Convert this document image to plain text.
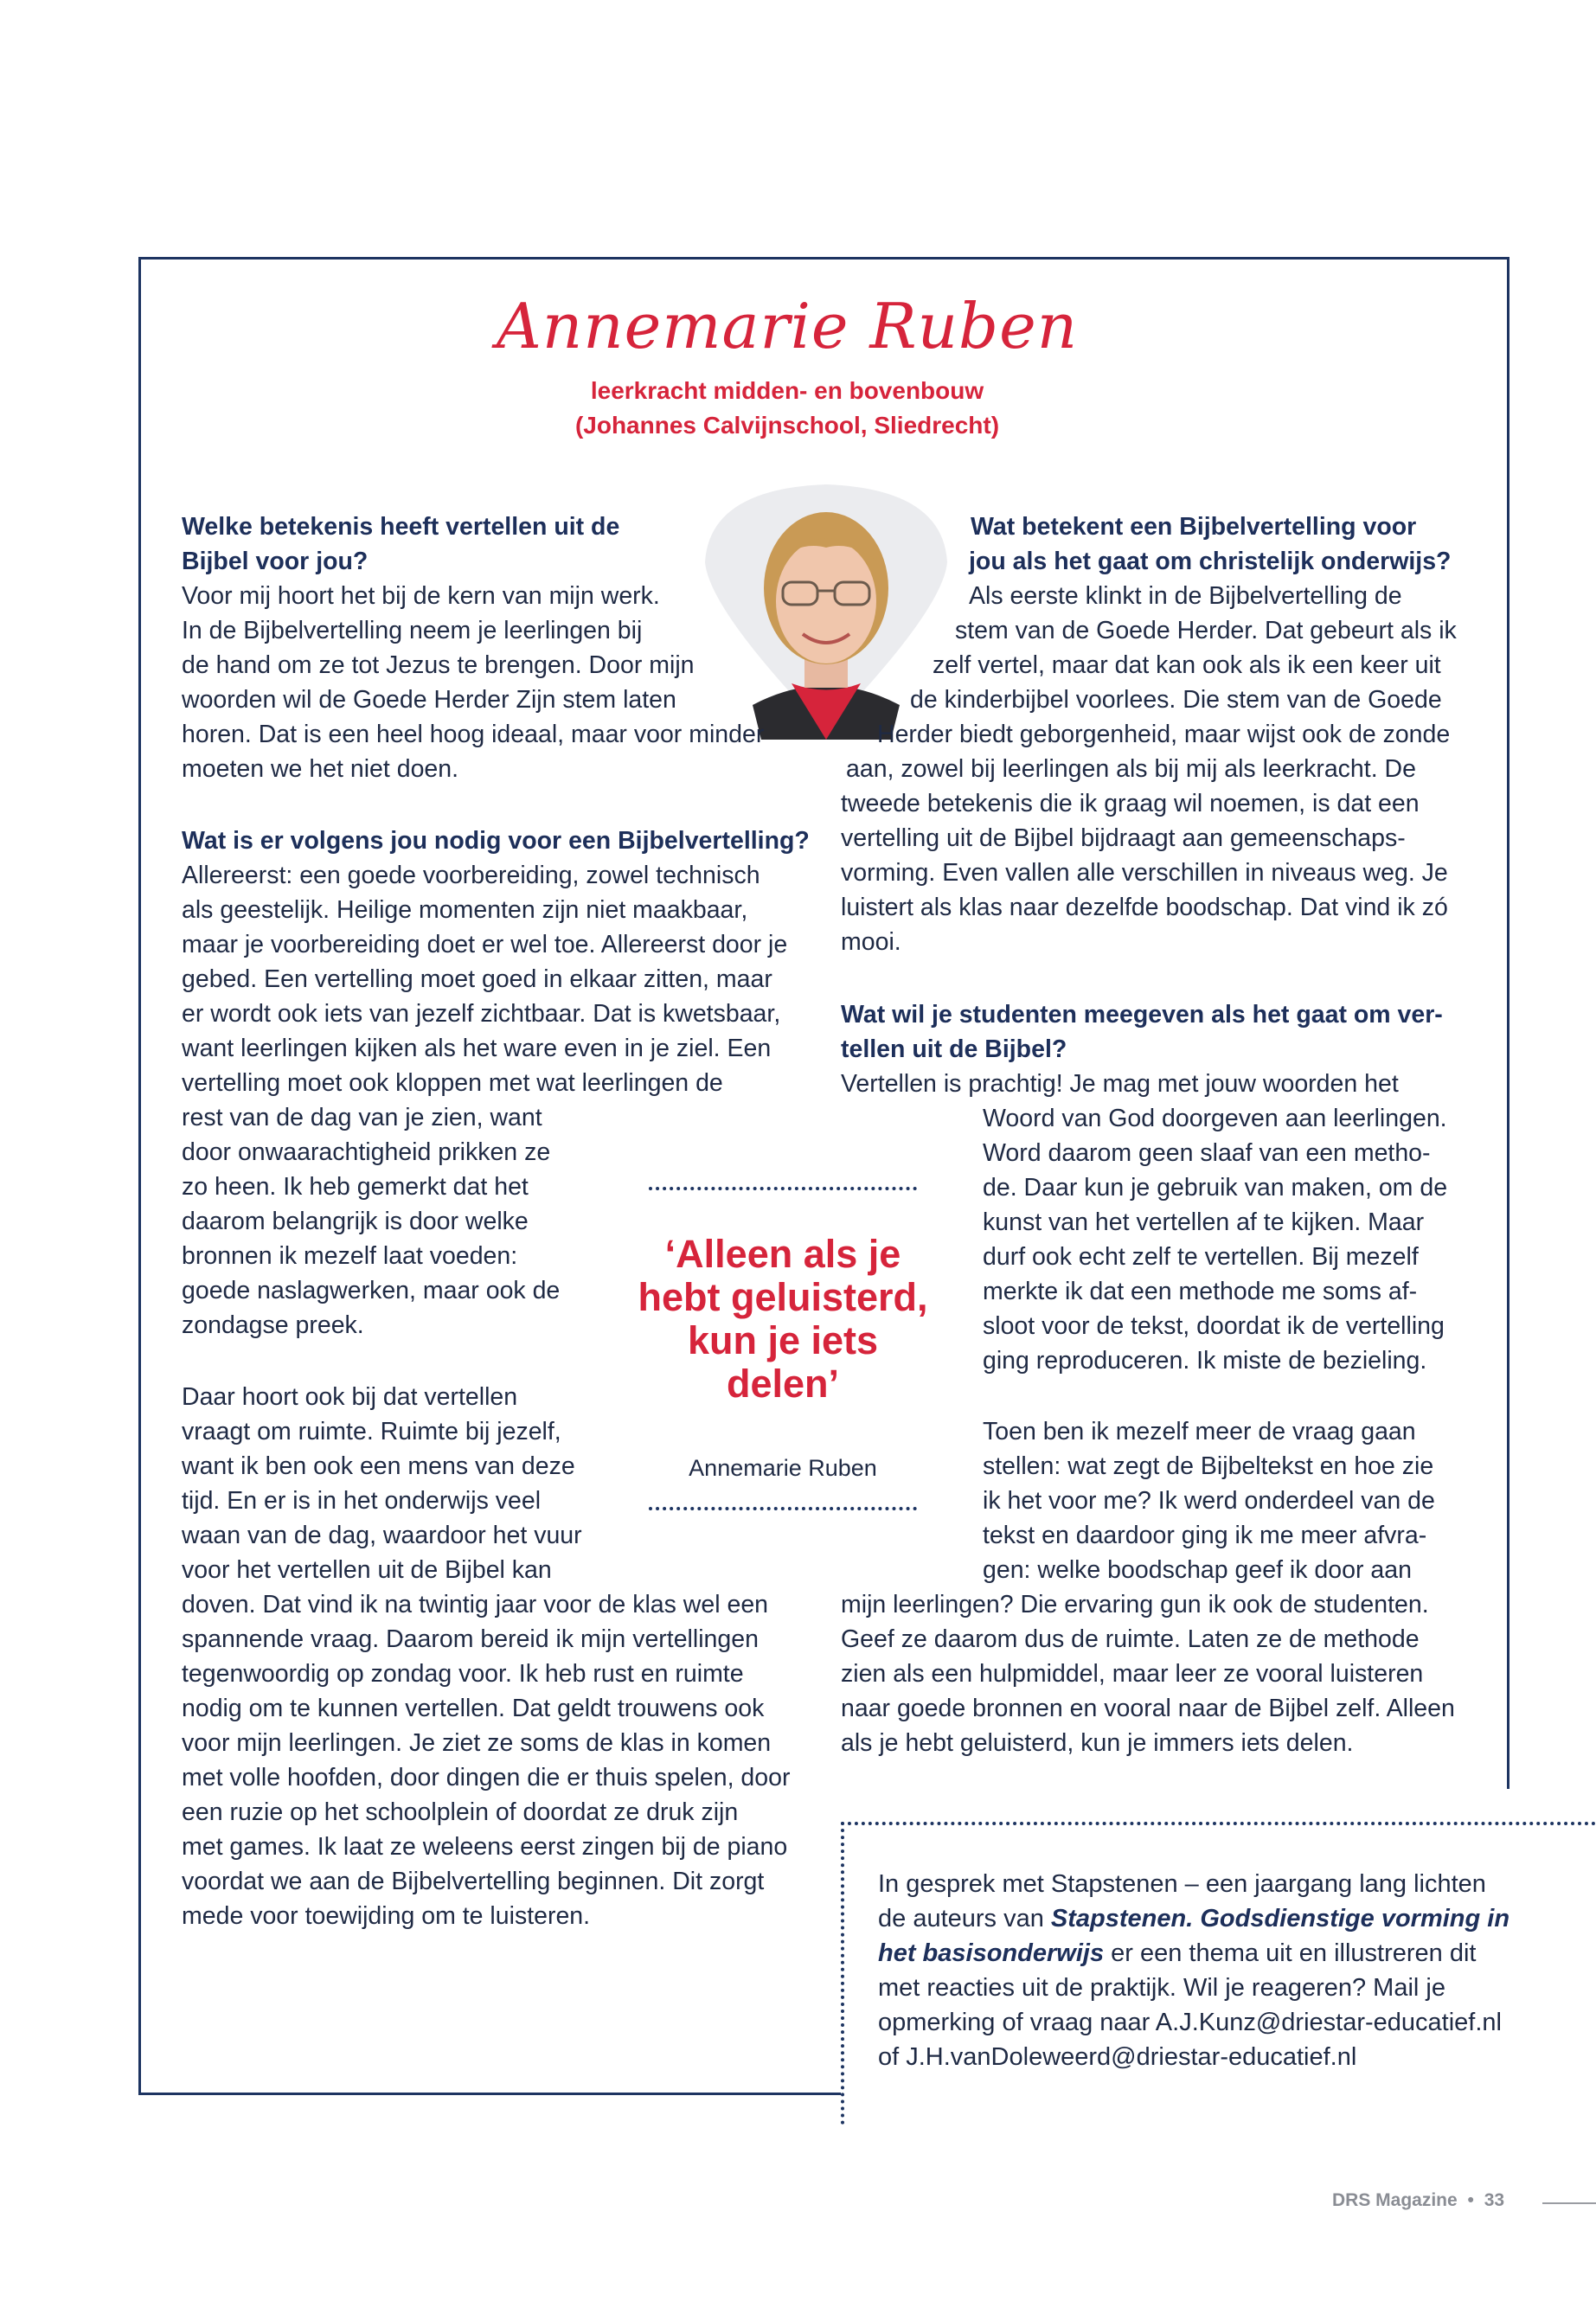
Annemarie Ruben
leerkracht midden- en bovenbouw
(Johannes Calvijnschool, Sliedrecht)
Welke betekenis heeft vertellen uit de
Bijbel voor jou?
Voor mij hoort het bij de kern van mijn werk.
In de Bijbelvertelling neem je leerlingen bij
de hand om ze tot Jezus te brengen. Door mijn
woorden wil de Goede Herder Zijn stem laten
horen. Dat is een heel hoog ideaal, maar voor minder
moeten we het niet doen.
Wat is er volgens jou nodig voor een Bijbelvertelling?
Allereerst: een goede voorbereiding, zowel technisch
als geestelijk. Heilige momenten zijn niet maakbaar,
maar je voorbereiding doet er wel toe. Allereerst door je
gebed. Een vertelling moet goed in elkaar zitten, maar
er wordt ook iets van jezelf zichtbaar. Dat is kwetsbaar,
want leerlingen kijken als het ware even in je ziel. Een
vertelling moet ook kloppen met wat leerlingen de
rest van de dag van je zien, want
door onwaarachtigheid prikken ze
zo heen. Ik heb gemerkt dat het
daarom belangrijk is door welke
bronnen ik mezelf laat voeden:
goede naslagwerken, maar ook de
zondagse preek.
Daar hoort ook bij dat vertellen
vraagt om ruimte. Ruimte bij jezelf,
want ik ben ook een mens van deze
tijd. En er is in het onderwijs veel
waan van de dag, waardoor het vuur
voor het vertellen uit de Bijbel kan
doven. Dat vind ik na twintig jaar voor de klas wel een
spannende vraag. Daarom bereid ik mijn vertellingen
tegenwoordig op zondag voor. Ik heb rust en ruimte
nodig om te kunnen vertellen. Dat geldt trouwens ook
voor mijn leerlingen. Je ziet ze soms de klas in komen
met volle hoofden, door dingen die er thuis spelen, door
een ruzie op het schoolplein of doordat ze druk zijn
met games. Ik laat ze weleens eerst zingen bij de piano
voordat we aan de Bijbelvertelling beginnen. Dit zorgt
mede voor toewijding om te luisteren.
Wat betekent een Bijbelvertelling voor
jou als het gaat om christelijk onderwijs?
Als eerste klinkt in de Bijbelvertelling de
stem van de Goede Herder. Dat gebeurt als ik
zelf vertel, maar dat kan ook als ik een keer uit
de kinderbijbel voorlees. Die stem van de Goede
Herder biedt geborgenheid, maar wijst ook de zonde
aan, zowel bij leerlingen als bij mij als leerkracht. De
tweede betekenis die ik graag wil noemen, is dat een
vertelling uit de Bijbel bijdraagt aan gemeenschaps-
vorming. Even vallen alle verschillen in niveaus weg. Je
luistert als klas naar dezelfde boodschap. Dat vind ik zó
mooi.
Wat wil je studenten meegeven als het gaat om ver-
tellen uit de Bijbel?
Vertellen is prachtig! Je mag met jouw woorden het
Woord van God doorgeven aan leerlingen.
Word daarom geen slaaf van een metho-
de. Daar kun je gebruik van maken, om de
kunst van het vertellen af te kijken. Maar
durf ook echt zelf te vertellen. Bij mezelf
merkte ik dat een methode me soms af-
sloot voor de tekst, doordat ik de vertelling
ging reproduceren. Ik miste de bezieling.
Toen ben ik mezelf meer de vraag gaan
stellen: wat zegt de Bijbeltekst en hoe zie
ik het voor me? Ik werd onderdeel van de
tekst en daardoor ging ik me meer afvra-
gen: welke boodschap geef ik door aan
mijn leerlingen? Die ervaring gun ik ook de studenten.
Geef ze daarom dus de ruimte. Laten ze de methode
zien als een hulpmiddel, maar leer ze vooral luisteren
naar goede bronnen en vooral naar de Bijbel zelf. Alleen
als je hebt geluisterd, kun je immers iets delen.
‘Alleen als je
hebt geluisterd,
kun je iets
delen’
Annemarie Ruben
In gesprek met Stapstenen – een jaargang lang lichten
de auteurs van Stapstenen. Godsdienstige vorming in
het basisonderwijs er een thema uit en illustreren dit
met reacties uit de praktijk. Wil je reageren? Mail je
opmerking of vraag naar A.J.Kunz@driestar-educatief.nl
of J.H.vanDoleweerd@driestar-educatief.nl
DRS Magazine • 33
